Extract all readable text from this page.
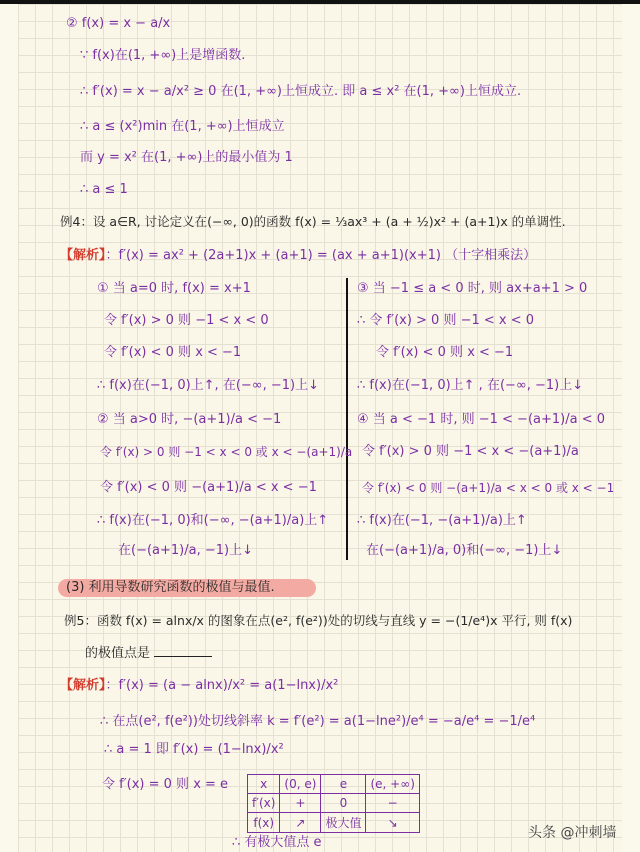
② f(x) = x − a/x
∵ f(x)在(1, +∞)上是增函数.
∴ f′(x) = x − a/x² ≥ 0 在(1, +∞)上恒成立. 即 a ≤ x² 在(1, +∞)上恒成立.
∴ a ≤ (x²)min 在(1, +∞)上恒成立
而 y = x² 在(1, +∞)上的最小值为 1
∴ a ≤ 1
例4：设 a∈R, 讨论定义在(−∞, 0)的函数 f(x) = ⅓ax³ + (a + ½)x² + (a+1)x 的单调性.
【解析】：f′(x) = ax² + (2a+1)x + (a+1) = (ax + a+1)(x+1) （十字相乘法）
① 当 a=0 时, f(x) = x+1
令 f′(x) > 0 则 −1 < x < 0
令 f′(x) < 0 则 x < −1
∴ f(x)在(−1, 0)上↑, 在(−∞, −1)上↓
② 当 a>0 时, −(a+1)/a < −1
令 f′(x) > 0 则 −1 < x < 0 或 x < −(a+1)/a
令 f′(x) < 0 则 −(a+1)/a < x < −1
∴ f(x)在(−1, 0)和(−∞, −(a+1)/a)上↑
在(−(a+1)/a, −1)上↓
③ 当 −1 ≤ a < 0 时, 则 ax+a+1 > 0
∴ 令 f′(x) > 0 则 −1 < x < 0
令 f′(x) < 0 则 x < −1
∴ f(x)在(−1, 0)上↑ , 在(−∞, −1)上↓
④ 当 a < −1 时, 则 −1 < −(a+1)/a < 0
令 f′(x) > 0 则 −1 < x < −(a+1)/a
令 f′(x) < 0 则 −(a+1)/a < x < 0 或 x < −1
∴ f(x)在(−1, −(a+1)/a)上↑
在(−(a+1)/a, 0)和(−∞, −1)上↓
(3) 利用导数研究函数的极值与最值.
例5：函数 f(x) = alnx/x 的图象在点(e², f(e²))处的切线与直线 y = −(1/e⁴)x 平行, 则 f(x)
的极值点是
【解析】：f′(x) = (a − alnx)/x² = a(1−lnx)/x²
∴ 在点(e², f(e²))处切线斜率 k = f′(e²) = a(1−lne²)/e⁴ = −a/e⁴ = −1/e⁴
∴ a = 1 即 f′(x) = (1−lnx)/x²
令 f′(x) = 0 则 x = e	x	(0, e)	e	(e, +∞)
f′(x)	+	0	−
f(x)	↗	极大值	↘
∴ 有极大值点 e
头条 @冲刺墙
